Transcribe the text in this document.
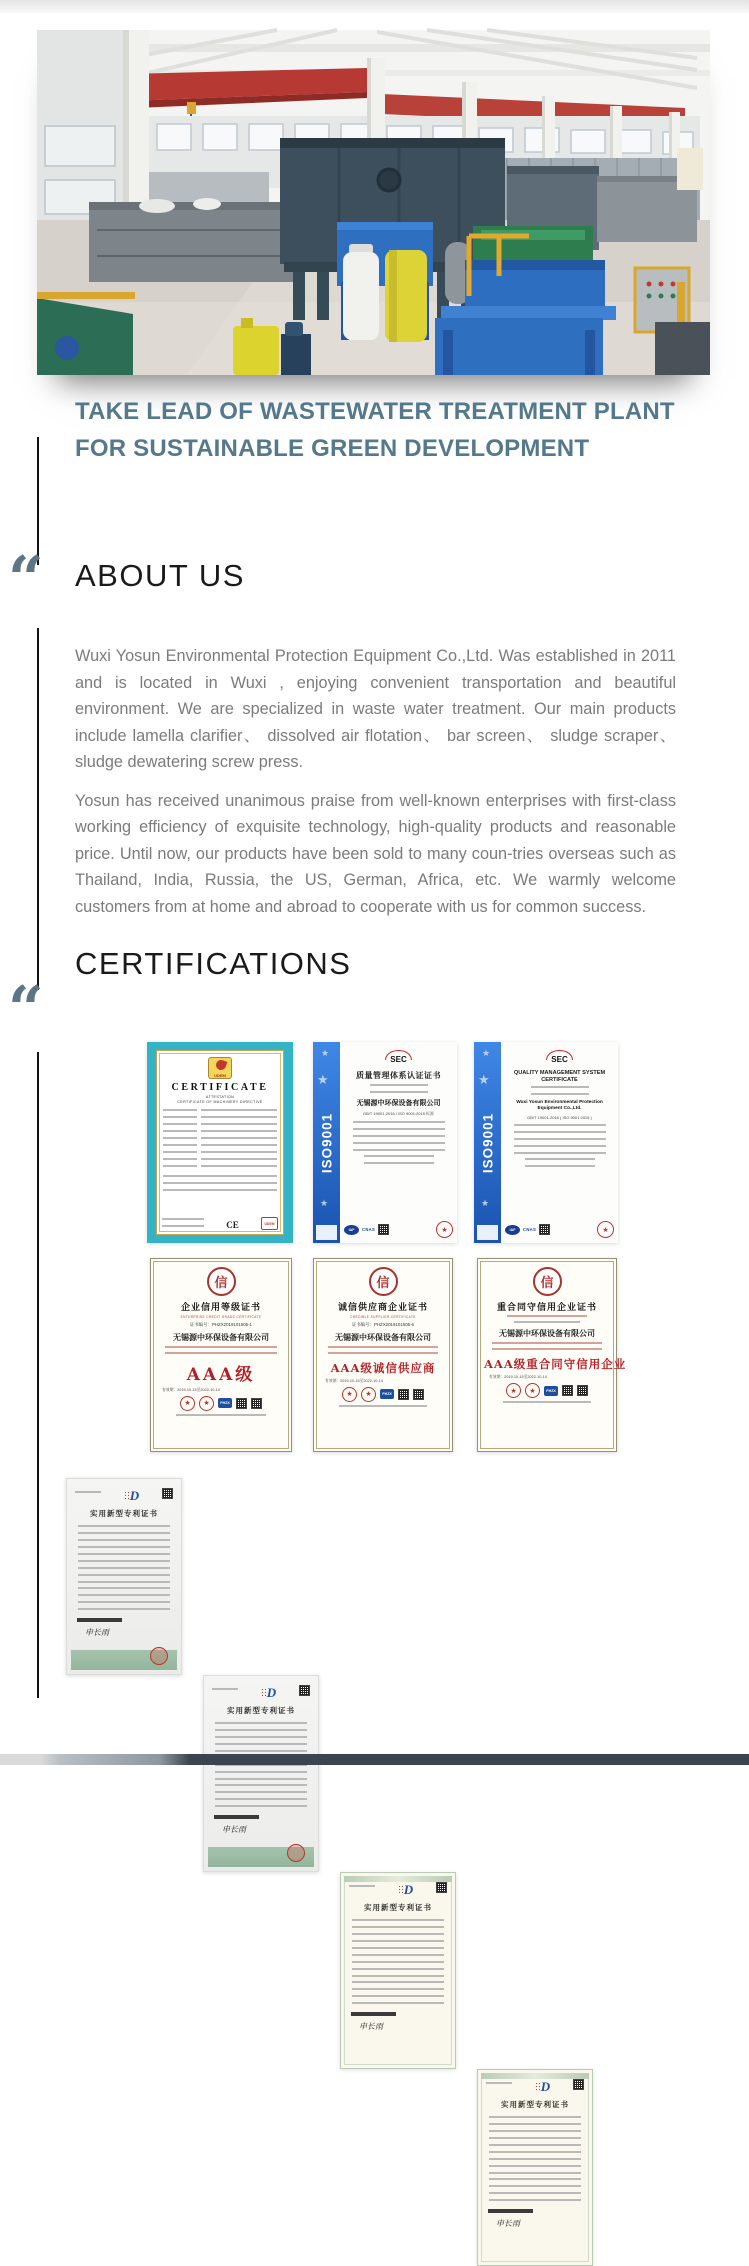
TAKE LEAD OF WASTEWATER TREATMENT PLANT
FOR SUSTAINABLE GREEN DEVELOPMENT
“
“
ABOUT US

Wuxi Yosun Environmental Protection Equipment Co.,Ltd. Was established in 2011 and is located in Wuxi , enjoying convenient transportation and beautiful environment. We are specialized in waste water treatment. Our main products include lamella clarifier、 dissolved air flotation、 bar screen、 sludge scraper、 sludge dewatering screw press.

Yosun has received unanimous praise from well-known enterprises with first-class working efficiency of exquisite technology, high-quality products and reasonable price. Until now, our products have been sold to many coun-tries overseas such as Thailand, India, Russia, the US, German, Africa, etc. We warmly welcome customers from at home and abroad to cooperate with us for common success.

CERTIFICATIONS
UDEM
CERTIFICATE
ATTESTATION
CERTIFICATE OF MACHINERY DIRECTIVE
CE	UDEM
★
★
★
ISO9001
SEC
质量管理体系认证证书
无锡源中环保设备有限公司
GB/T 19001-2016 / ISO 9001:2015 标准
IAF	CNAS	★
★
★
★
ISO9001
SEC
QUALITY MANAGEMENT SYSTEM CERTIFICATE
Wuxi Yosun Environmental Protection Equipment Co.,Ltd.
GB/T 19001-2016 ( ISO 9001:2015 )
IAF	CNAS	★
信
企业信用等级证书
ENTERPRISE CREDIT GRADE CERTIFICATE
证书编号：PHZX2019101505-1
无锡源中环保设备有限公司
AAA级
有效期：2019-10-15至2022-10-14
★	★	PHZX
信
诚信供应商企业证书
CREDIBLE SUPPLIER CERTIFICATE
证书编号：PHZX2019101505-6
无锡源中环保设备有限公司
AAA级诚信供应商
有效期：2019-10-15至2022-10-14
★	★	PHZX
信
重合同守信用企业证书
无锡源中环保设备有限公司
AAA级重合同守信用企业
有效期：2019-10-15至2022-10-14
★	★	PHZX
D
实用新型专利证书
申长雨
D
实用新型专利证书
申长雨
D
实用新型专利证书
申长雨
D
实用新型专利证书
申长雨
